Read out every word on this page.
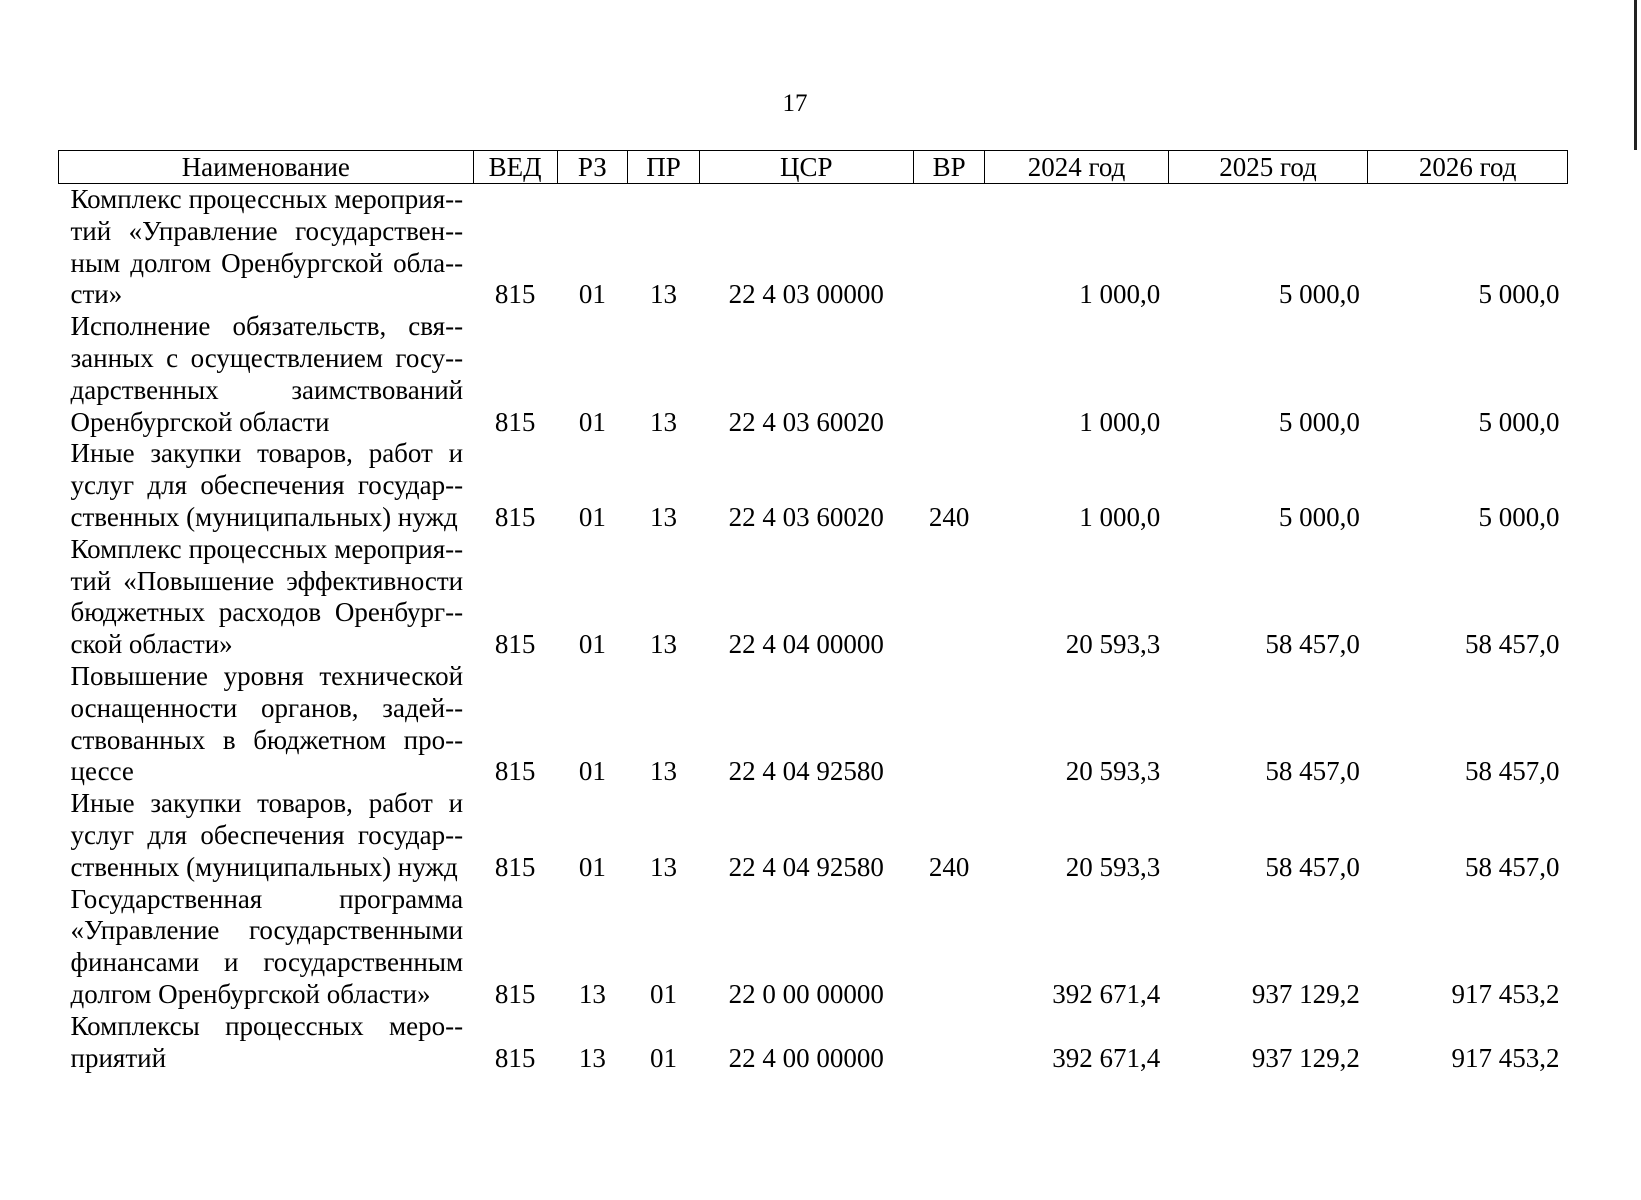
17
Наименование	ВЕД	РЗ	ПР	ЦСР	ВР	2024 год	2025 год	2026 год
Комплекс процессных мероприя-тий «Управление государствен-ным долгом Оренбургской обла-сти»	815	01	13	22 4 03 00000		1 000,0	5 000,0	5 000,0
Исполнение обязательств, свя-занных с осуществлением госу-дарственных заимствований Оренбургской области	815	01	13	22 4 03 60020		1 000,0	5 000,0	5 000,0
Иные закупки товаров, работ и услуг для обеспечения государ-ственных (муниципальных) нужд	815	01	13	22 4 03 60020	240	1 000,0	5 000,0	5 000,0
Комплекс процессных мероприя-тий «Повышение эффективности бюджетных расходов Оренбург-ской области»	815	01	13	22 4 04 00000		20 593,3	58 457,0	58 457,0
Повышение уровня технической оснащенности органов, задей-ствованных в бюджетном про-цессе	815	01	13	22 4 04 92580		20 593,3	58 457,0	58 457,0
Иные закупки товаров, работ и услуг для обеспечения государ-ственных (муниципальных) нужд	815	01	13	22 4 04 92580	240	20 593,3	58 457,0	58 457,0
Государственная программа «Управление государственными финансами и государственным долгом Оренбургской области»	815	13	01	22 0 00 00000		392 671,4	937 129,2	917 453,2
Комплексы процессных меро-приятий	815	13	01	22 4 00 00000		392 671,4	937 129,2	917 453,2
